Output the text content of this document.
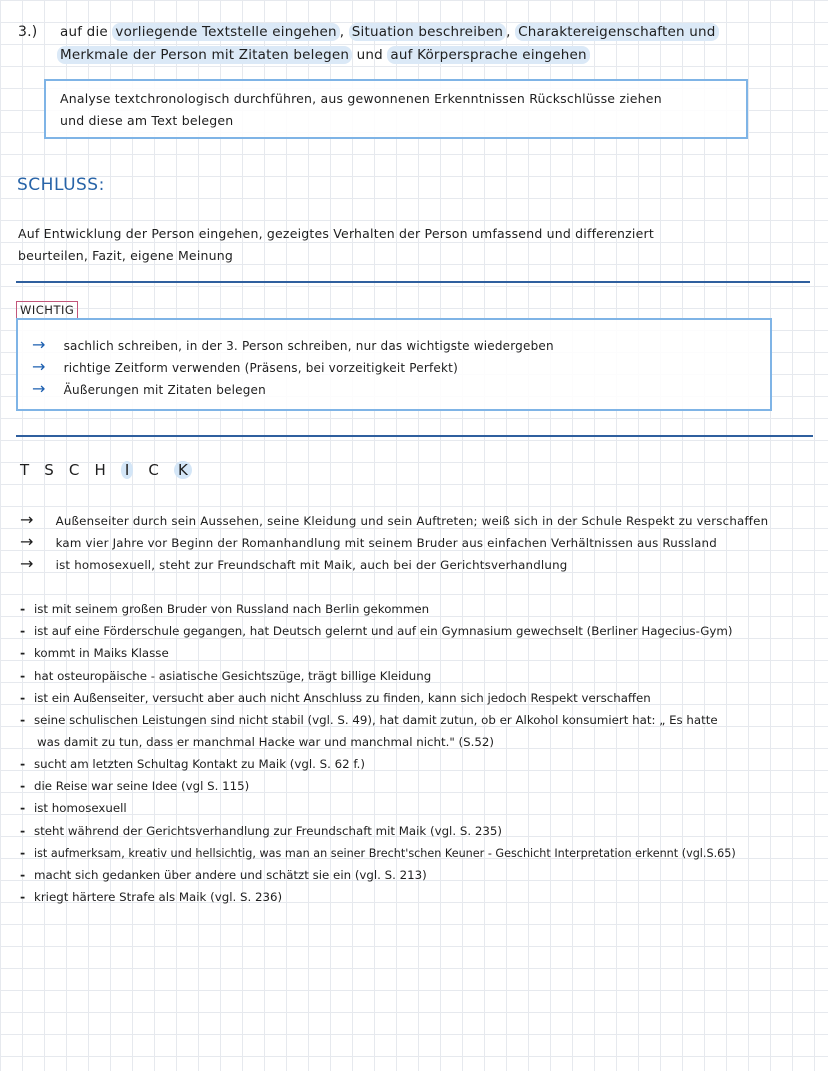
3.) auf die vorliegende Textstelle eingehen , Situation beschreiben , Charaktereigenschaften und
Merkmale der Person mit Zitaten belegen und auf Körpersprache eingehen
Analyse textchronologisch durchführen, aus gewonnenen Erkenntnissen Rückschlüsse ziehen
und diese am Text belegen
SCHLUSS:
Auf Entwicklung der Person eingehen, gezeigtes Verhalten der Person umfassend und differenziert
beurteilen, Fazit, eigene Meinung
WICHTIG
→ sachlich schreiben, in der 3. Person schreiben, nur das wichtigste wiedergeben
→ richtige Zeitform verwenden (Präsens, bei vorzeitigkeit Perfekt)
→ Äußerungen mit Zitaten belegen
T S C H I C K
→ Außenseiter durch sein Aussehen, seine Kleidung und sein Auftreten; weiß sich in der Schule Respekt zu verschaffen
→ kam vier Jahre vor Beginn der Romanhandlung mit seinem Bruder aus einfachen Verhältnissen aus Russland
→ ist homosexuell, steht zur Freundschaft mit Maik, auch bei der Gerichtsverhandlung
- ist mit seinem großen Bruder von Russland nach Berlin gekommen
- ist auf eine Förderschule gegangen, hat Deutsch gelernt und auf ein Gymnasium gewechselt (Berliner Hagecius-Gym)
- kommt in Maiks Klasse
- hat osteuropäische - asiatische Gesichtszüge, trägt billige Kleidung
- ist ein Außenseiter, versucht aber auch nicht Anschluss zu finden, kann sich jedoch Respekt verschaffen
- seine schulischen Leistungen sind nicht stabil (vgl. S. 49), hat damit zutun, ob er Alkohol konsumiert hat: „ Es hatte
was damit zu tun, dass er manchmal Hacke war und manchmal nicht." (S.52)
- sucht am letzten Schultag Kontakt zu Maik (vgl. S. 62 f.)
- die Reise war seine Idee (vgl S. 115)
- ist homosexuell
- steht während der Gerichtsverhandlung zur Freundschaft mit Maik (vgl. S. 235)
- ist aufmerksam, kreativ und hellsichtig, was man an seiner Brecht'schen Keuner - Geschicht Interpretation erkennt (vgl.S.65)
- macht sich gedanken über andere und schätzt sie ein (vgl. S. 213)
- kriegt härtere Strafe als Maik (vgl. S. 236)
